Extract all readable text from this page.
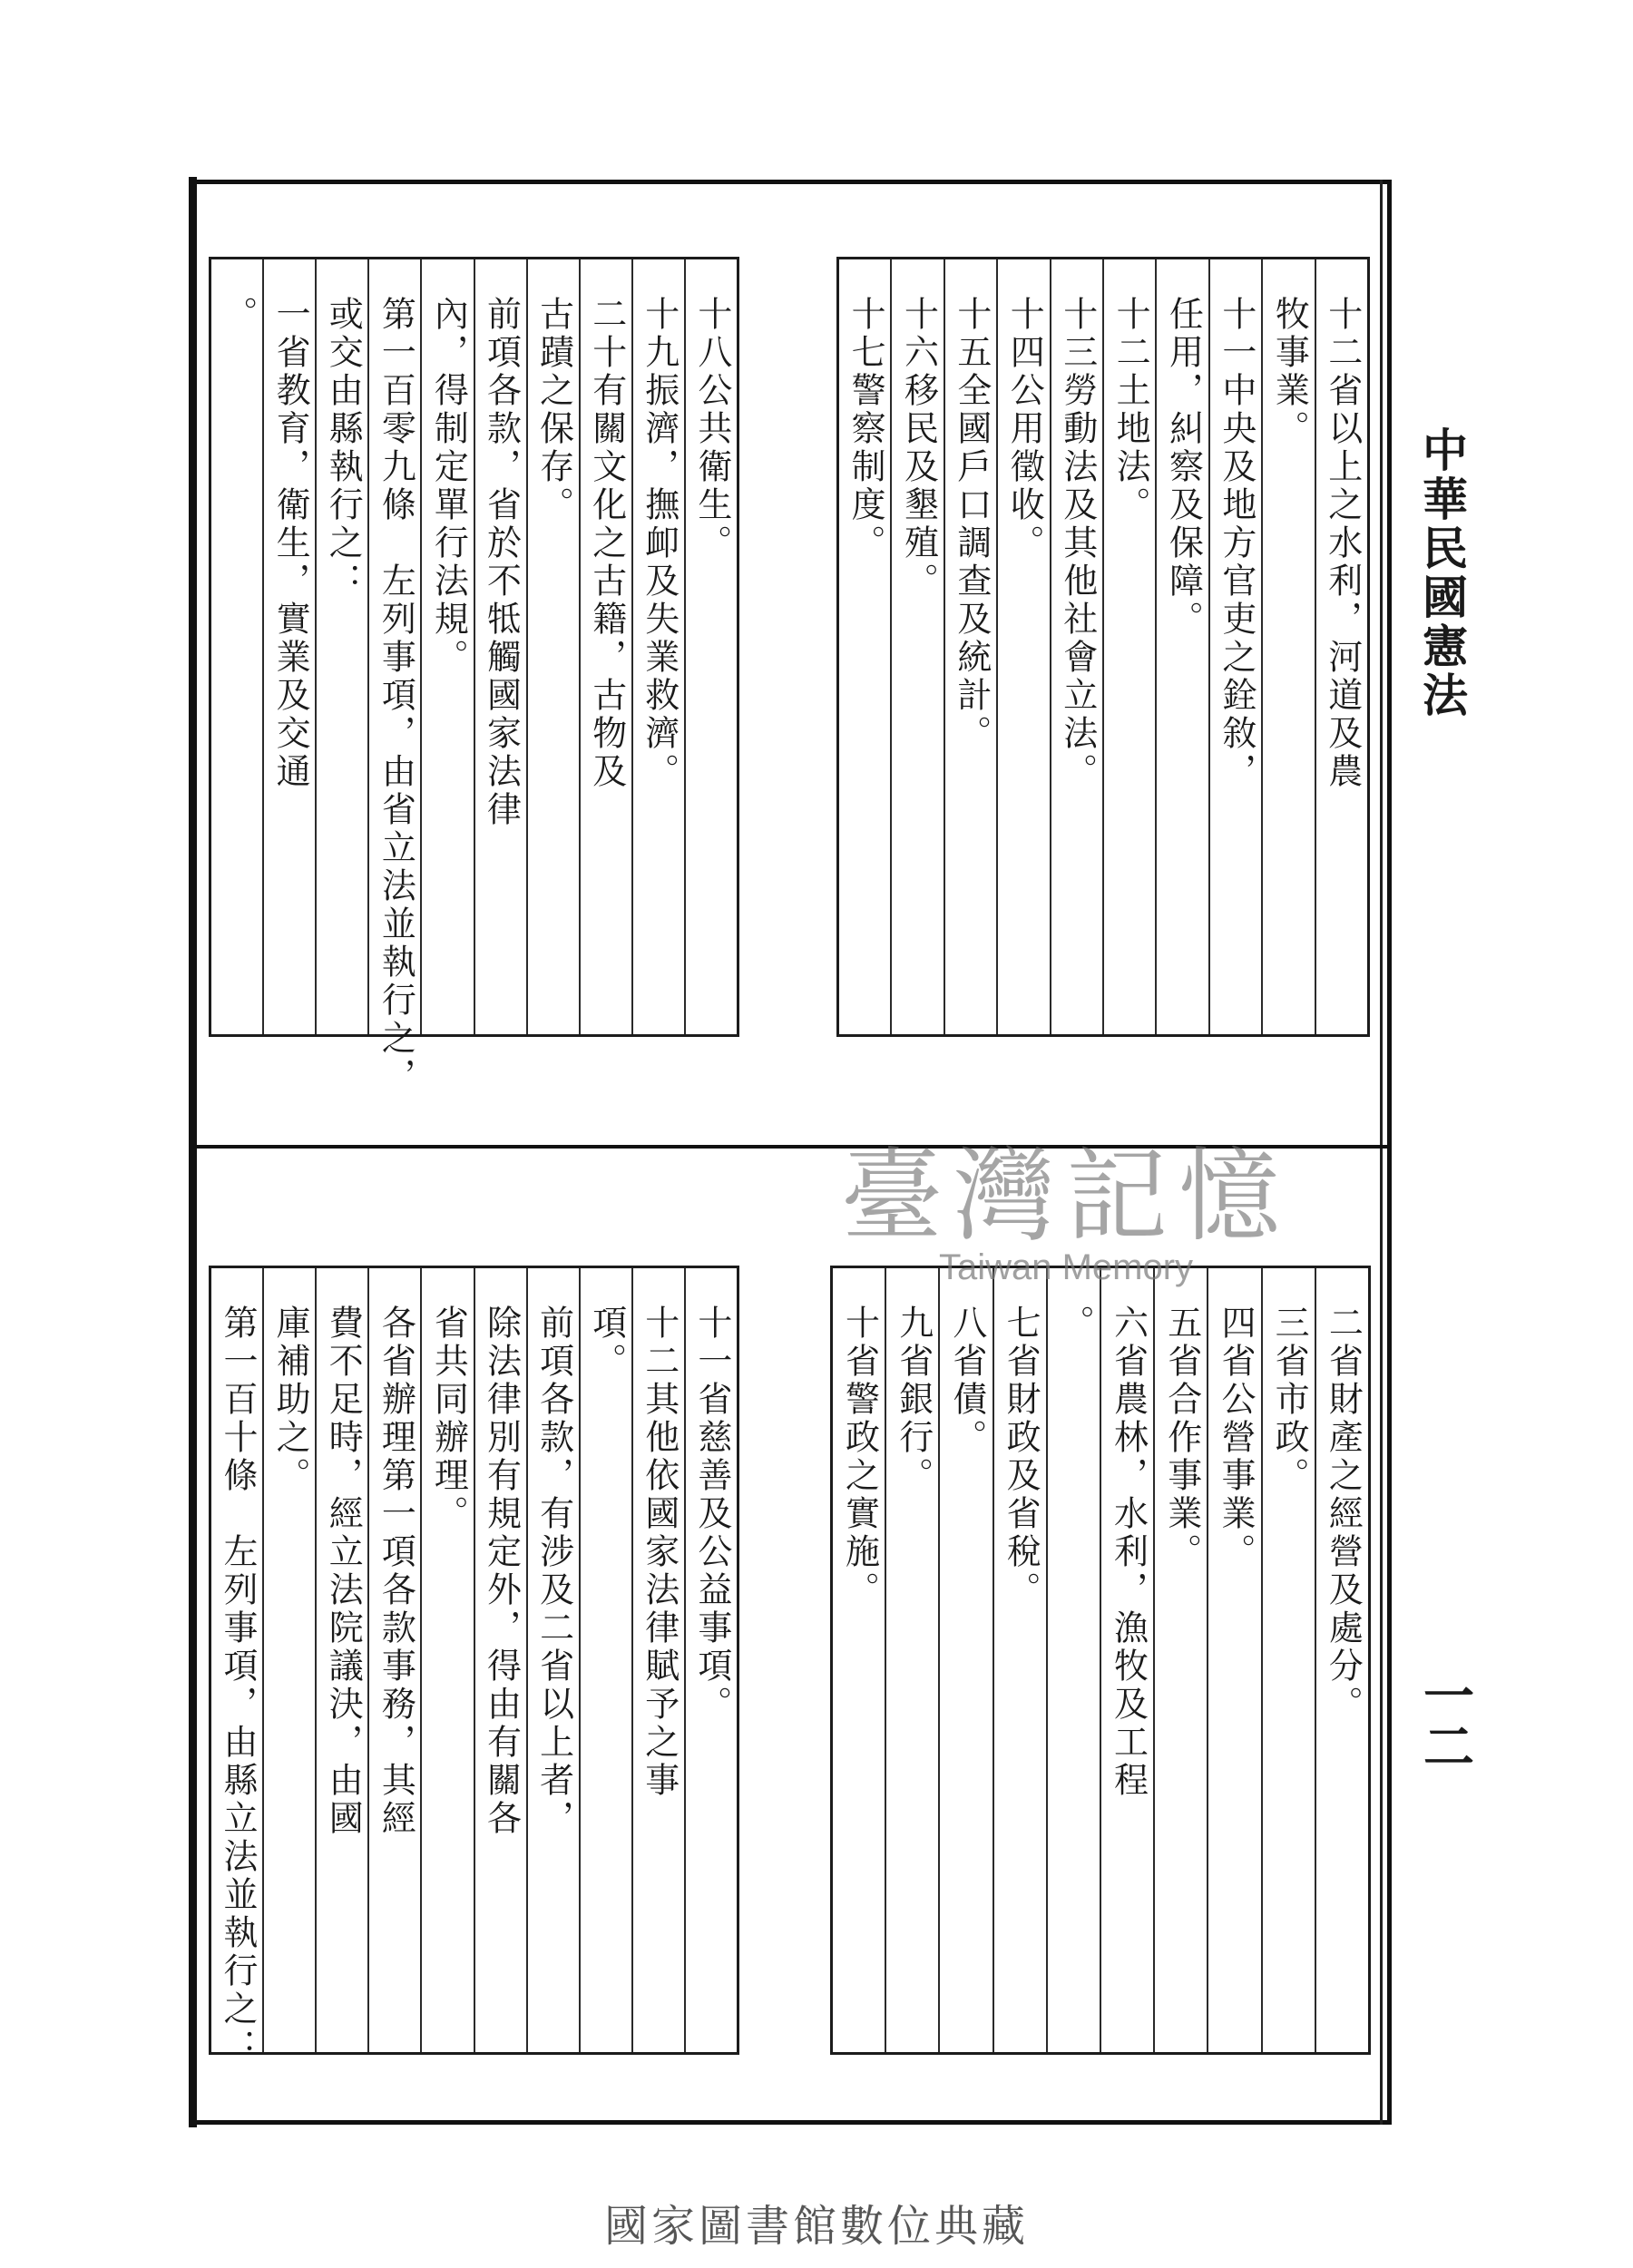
十二省以上之水利，河道及農
牧事業。
十一中央及地方官吏之銓敘，
任用，糾察及保障。
十二土地法。
十三勞動法及其他社會立法。
十四公用徵收。
十五全國戶口調查及統計。
十六移民及墾殖。
十七警察制度。
十八公共衛生。
十九振濟，撫卹及失業救濟。
二十有關文化之古籍，古物及
古蹟之保存。
前項各款，省於不牴觸國家法律
內，得制定單行法規。
第一百零九條　左列事項，由省立法並執行之，
或交由縣執行之：
一省教育，衛生，實業及交通
。
二省財產之經營及處分。
三省市政。
四省公營事業。
五省合作事業。
六省農林，水利，漁牧及工程
。
七省財政及省稅。
八省債。
九省銀行。
十省警政之實施。
十一省慈善及公益事項。
十二其他依國家法律賦予之事
項。
前項各款，有涉及二省以上者，
除法律別有規定外，得由有關各
省共同辦理。
各省辦理第一項各款事務，其經
費不足時，經立法院議決，由國
庫補助之。
第一百十條　左列事項，由縣立法並執行之：
中華民國憲法
一二
臺灣記憶
Taiwan Memory
國家圖書館數位典藏
